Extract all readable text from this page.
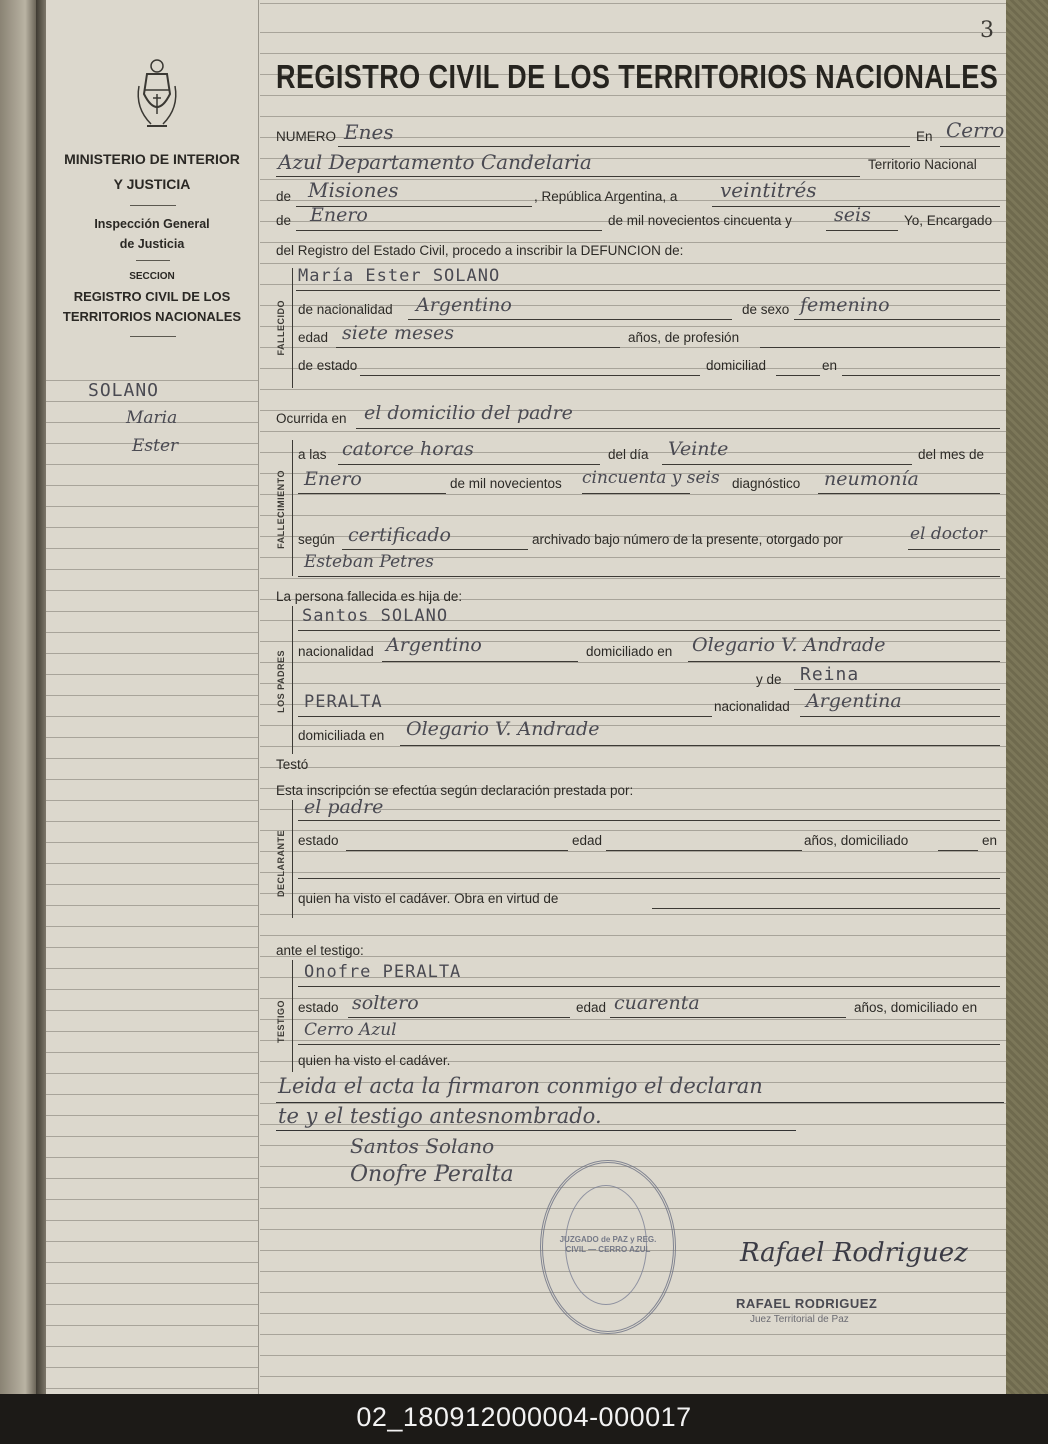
MINISTERIO DE INTERIOR
Y JUSTICIA
Inspección General
de Justicia
SECCION
REGISTRO CIVIL DE LOS
TERRITORIOS NACIONALES
SOLANO
Maria
Ester
3
REGISTRO CIVIL DE LOS TERRITORIOS NACIONALES
NUMERO Enes	En Cerro
Azul Departamento Candelaria	Territorio Nacional
de Misiones	, República Argentina, a veintitrés
de Enero	de mil novecientos cincuenta y seis Yo, Encargado
del Registro del Estado Civil, procedo a inscribir la DEFUNCION de:
FALLECIDO
María Ester SOLANO
de nacionalidad Argentino	de sexo femenino
edad siete meses	años, de profesión
de estado	domiciliad	en
Ocurrida en el domicilio del padre
FALLECIMIENTO
a las catorce horas	del día Veinte	del mes de
Enero	de mil novecientos cincuenta y seis diagnóstico neumonía
según certificado	archivado bajo número de la presente, otorgado por	el doctor
Esteban Petres
La persona fallecida es hija de:
LOS PADRES
Santos SOLANO
nacionalidad Argentino	domiciliado en Olegario V. Andrade
y de Reina
PERALTA	nacionalidad Argentina
domiciliada en Olegario V. Andrade
Testó
Esta inscripción se efectúa según declaración prestada por:
DECLARANTE
el padre
estado	edad	años, domiciliado	en
quien ha visto el cadáver. Obra en virtud de
ante el testigo:
TESTIGO
Onofre PERALTA
estado soltero	edad cuarenta	años, domiciliado en
Cerro Azul
quien ha visto el cadáver.
Leida el acta la firmaron conmigo el declaran
te y el testigo antesnombrado.
Santos Solano
Onofre Peralta
JUZGADO de PAZ y REG. CIVIL — CERRO AZUL	Rafael Rodriguez
RAFAEL RODRIGUEZ
Juez Territorial de Paz
02_180912000004-000017
